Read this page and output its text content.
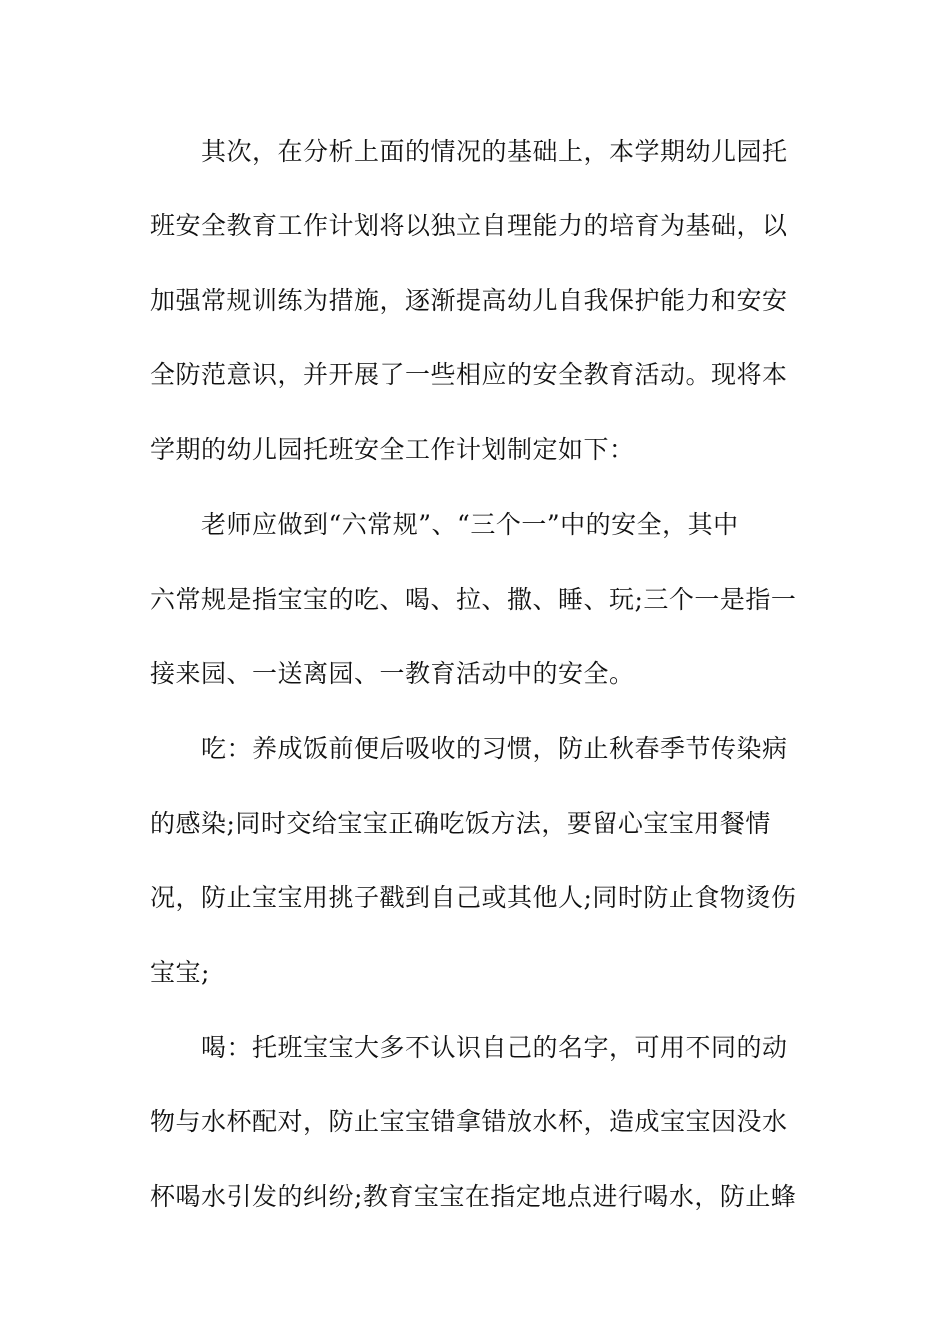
其次，在分析上面的情况的基础上，本学期幼儿园托
班安全教育工作计划将以独立自理能力的培育为基础，以
加强常规训练为措施，逐渐提高幼儿自我保护能力和安安
全防范意识，并开展了一些相应的安全教育活动。现将本
学期的幼儿园托班安全工作计划制定如下：
老师应做到“六常规”、“三个一”中的安全，其中
六常规是指宝宝的吃、喝、拉、撒、睡、玩;三个一是指一
接来园、一送离园、一教育活动中的安全。
吃：养成饭前便后吸收的习惯，防止秋春季节传染病
的感染;同时交给宝宝正确吃饭方法，要留心宝宝用餐情
况，防止宝宝用挑子戳到自己或其他人;同时防止食物烫伤
宝宝;
喝：托班宝宝大多不认识自己的名字，可用不同的动
物与水杯配对，防止宝宝错拿错放水杯，造成宝宝因没水
杯喝水引发的纠纷;教育宝宝在指定地点进行喝水，防止蜂
